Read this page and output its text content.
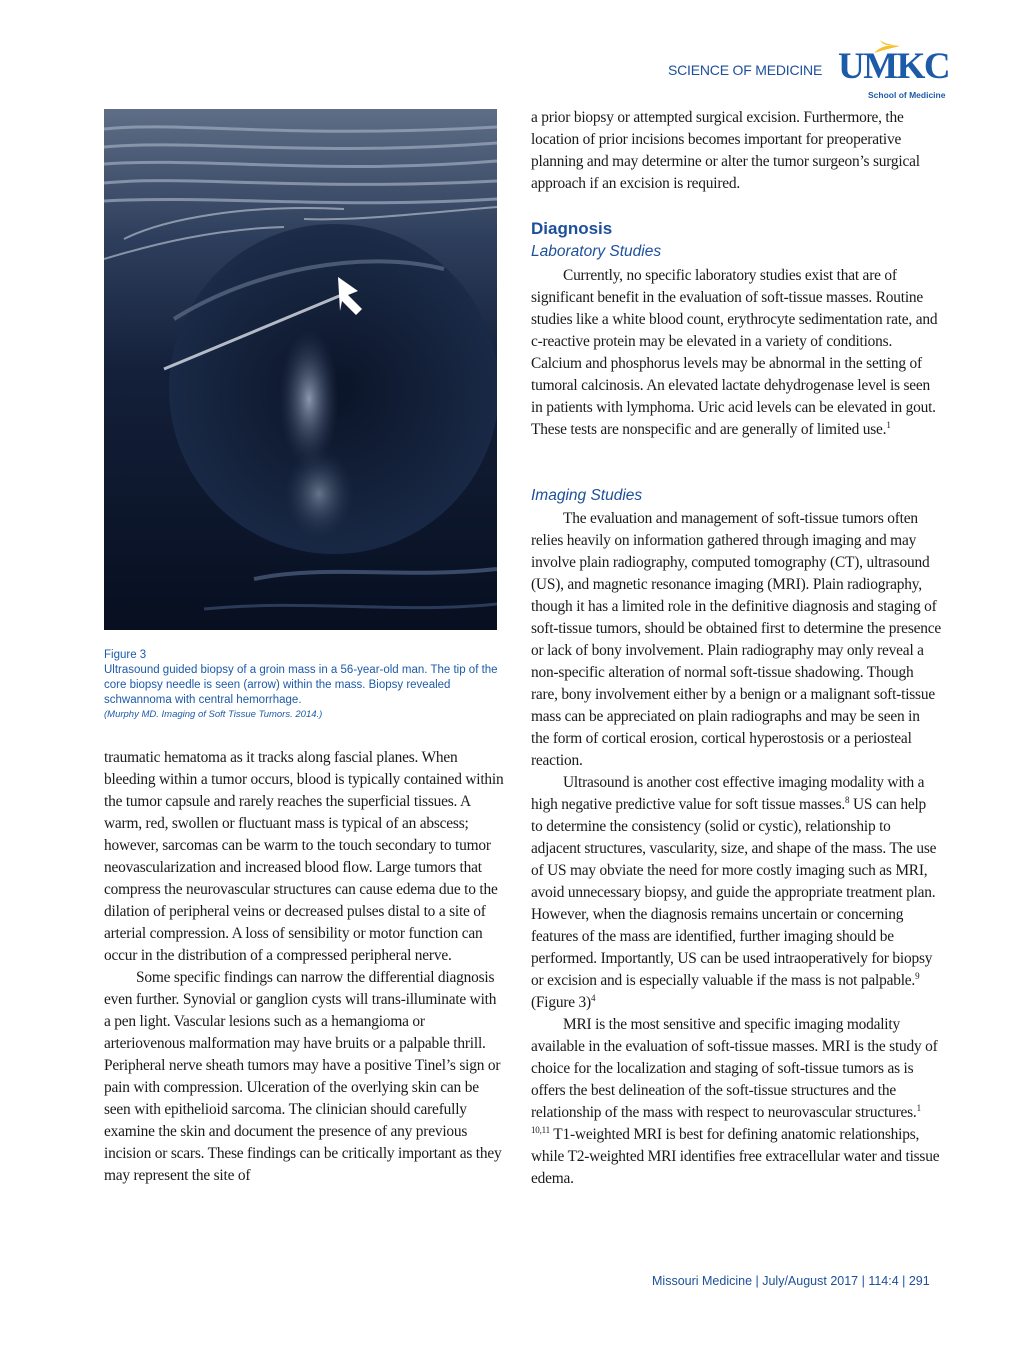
SCIENCE OF MEDICINE UMKC
School of Medicine
Figure 3
Ultrasound guided biopsy of a groin mass in a 56-year-old man. The tip of the core biopsy needle is seen (arrow) within the mass. Biopsy revealed schwannoma with central hemorrhage.
(Murphy MD. Imaging of Soft Tissue Tumors. 2014.)

traumatic hematoma as it tracks along fascial planes. When bleeding within a tumor occurs, blood is typically contained within the tumor capsule and rarely reaches the superficial tissues. A warm, red, swollen or fluctuant mass is typical of an abscess; however, sarcomas can be warm to the touch secondary to tumor neovascularization and increased blood flow. Large tumors that compress the neurovascular structures can cause edema due to the dilation of peripheral veins or decreased pulses distal to a site of arterial compression. A loss of sensibility or motor function can occur in the distribution of a compressed peripheral nerve.

Some specific findings can narrow the differential diagnosis even further. Synovial or ganglion cysts will trans-illuminate with a pen light. Vascular lesions such as a hemangioma or arteriovenous malformation may have bruits or a palpable thrill. Peripheral nerve sheath tumors may have a positive Tinel’s sign or pain with compression. Ulceration of the overlying skin can be seen with epithelioid sarcoma. The clinician should carefully examine the skin and document the presence of any previous incision or scars. These findings can be critically important as they may represent the site of

a prior biopsy or attempted surgical excision. Furthermore, the location of prior incisions becomes important for preoperative planning and may determine or alter the tumor surgeon’s surgical approach if an excision is required.

Diagnosis
Laboratory Studies

Currently, no specific laboratory studies exist that are of significant benefit in the evaluation of soft-tissue masses. Routine studies like a white blood count, erythrocyte sedimentation rate, and c-reactive protein may be elevated in a variety of conditions. Calcium and phosphorus levels may be abnormal in the setting of tumoral calcinosis. An elevated lactate dehydrogenase level is seen in patients with lymphoma. Uric acid levels can be elevated in gout. These tests are nonspecific and are generally of limited use.$^1$

Imaging Studies

The evaluation and management of soft-tissue tumors often relies heavily on information gathered through imaging and may involve plain radiography, computed tomography (CT), ultrasound (US), and magnetic resonance imaging (MRI). Plain radiography, though it has a limited role in the definitive diagnosis and staging of soft-tissue tumors, should be obtained first to determine the presence or lack of bony involvement. Plain radiography may only reveal a non-specific alteration of normal soft-tissue shadowing. Though rare, bony involvement either by a benign or a malignant soft-tissue mass can be appreciated on plain radiographs and may be seen in the form of cortical erosion, cortical hyperostosis or a periosteal reaction.

Ultrasound is another cost effective imaging modality with a high negative predictive value for soft tissue masses.$^8$ US can help to determine the consistency (solid or cystic), relationship to adjacent structures, vascularity, size, and shape of the mass. The use of US may obviate the need for more costly imaging such as MRI, avoid unnecessary biopsy, and guide the appropriate treatment plan. However, when the diagnosis remains uncertain or concerning features of the mass are identified, further imaging should be performed. Importantly, US can be used intraoperatively for biopsy or excision and is especially valuable if the mass is not palpable.$^9$ (Figure 3)$^4$

MRI is the most sensitive and specific imaging modality available in the evaluation of soft-tissue masses. MRI is the study of choice for the localization and staging of soft-tissue tumors as is offers the best delineation of the soft-tissue structures and the relationship of the mass with respect to neurovascular structures.$^{1 10,11}$ T1-weighted MRI is best for defining anatomic relationships, while T2-weighted MRI identifies free extracellular water and tissue edema.

Missouri Medicine | July/August 2017 | 114:4 | 291
